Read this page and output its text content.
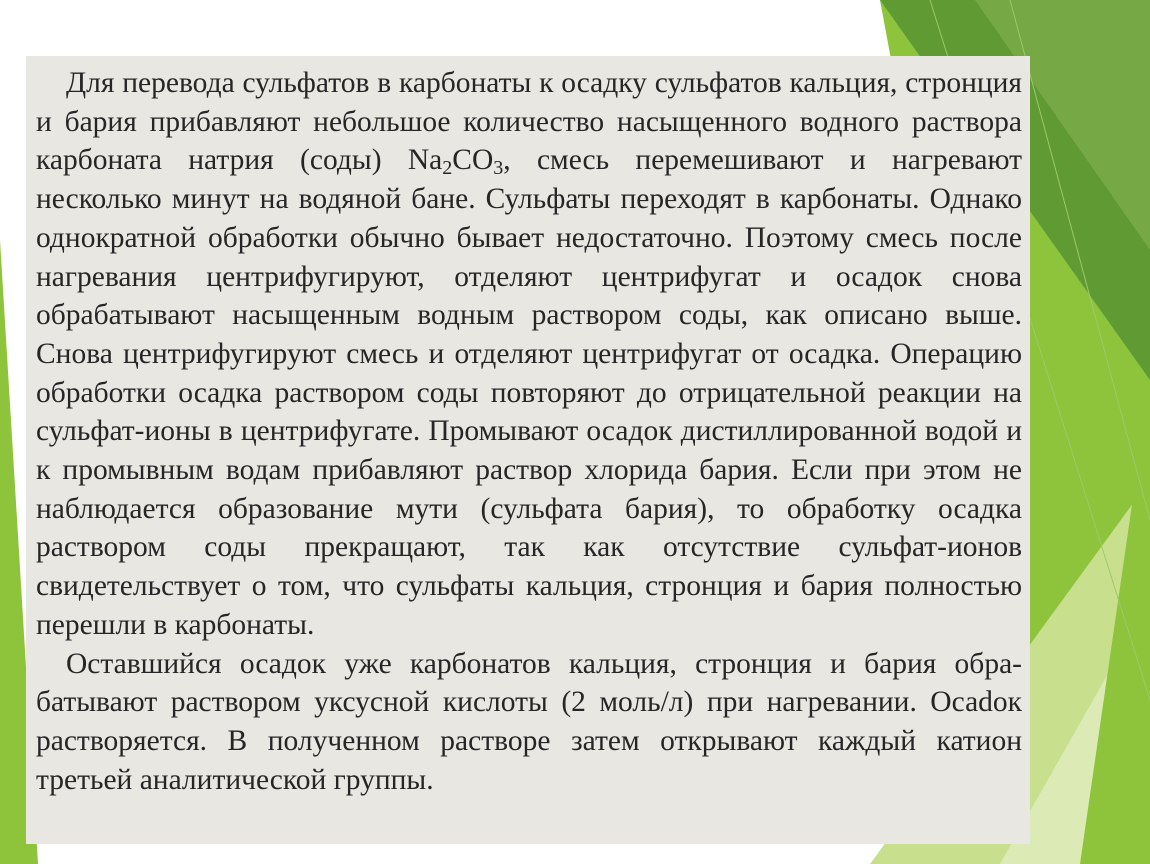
Для перевода сульфатов в карбонаты к осадку сульфатов кальция, стронция и бария прибавляют небольшое количество насыщенного водного раствора карбоната натрия (соды) $Na_2CO_3$, смесь перемешивают и нагревают несколько минут на водяной бане. Сульфаты переходят в карбонаты. Однако однократной обработки обычно бывает недостаточно. Поэтому смесь после нагревания центрифугируют, отделяют центрифугат и осадок снова обрабатывают насыщенным водным раствором соды, как описано выше. Снова центрифугируют смесь и отделяют центрифугат от осадка. Операцию обработки осадка раствором соды повторяют до отрицательной реакции на сульфат-ионы в центрифугате. Промывают осадок дистиллированной водой и к промывным водам прибавляют раствор хлорида бария. Если при этом не наблюдается образование мути (сульфата бария), то обработку осадка раствором соды прекращают, так как отсутствие сульфат-ионов свидетельствует о том, что сульфаты кальция, стронция и бария полностью перешли в карбонаты.

Оставшийся осадок уже карбонатов кальция, стронция и бария обрабатывают раствором уксусной кислоты (2 моль/л) при нагревании. Осаdок растворяется. В полученном растворе затем открывают каждый катион третьей аналитической группы.
